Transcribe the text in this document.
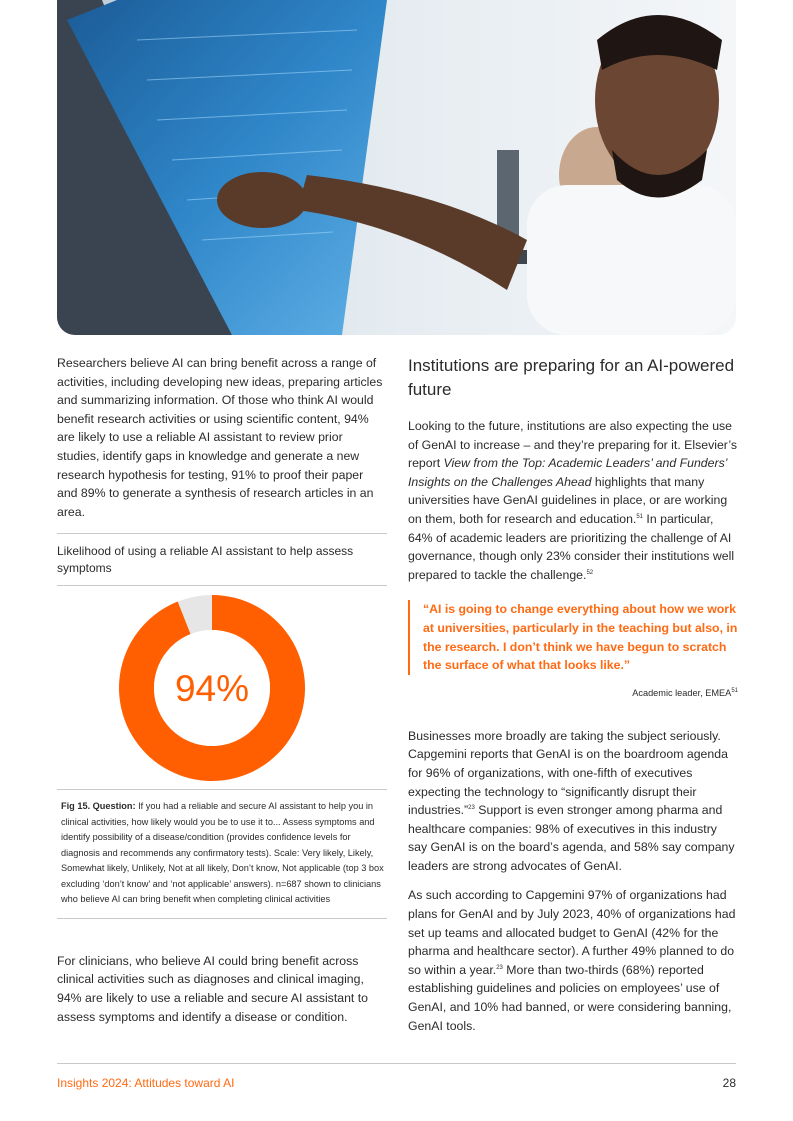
Researchers believe AI can bring benefit across a range of activities, including developing new ideas, preparing articles and summarizing information. Of those who think AI would benefit research activities or using scientific content, 94% are likely to use a reliable AI assistant to review prior studies, identify gaps in knowledge and generate a new research hypothesis for testing, 91% to proof their paper and 89% to generate a synthesis of research articles in an area.

Likelihood of using a reliable AI assistant to help assess symptoms
94%
Fig 15. Question: If you had a reliable and secure AI assistant to help you in clinical activities, how likely would you be to use it to... Assess symptoms and identify possibility of a disease/condition (provides confidence levels for diagnosis and recommends any confirmatory tests). Scale: Very likely, Likely, Somewhat likely, Unlikely, Not at all likely, Don’t know, Not applicable (top 3 box excluding ‘don’t know’ and ‘not applicable’ answers). n=687 shown to clinicians who believe AI can bring benefit when completing clinical activities

For clinicians, who believe AI could bring benefit across clinical activities such as diagnoses and clinical imaging, 94% are likely to use a reliable and secure AI assistant to assess symptoms and identify a disease or condition.

Institutions are preparing for an AI-powered future

Looking to the future, institutions are also expecting the use of GenAI to increase – and they’re preparing for it. Elsevier’s report View from the Top: Academic Leaders’ and Funders’ Insights on the Challenges Ahead highlights that many universities have GenAI guidelines in place, or are working on them, both for research and education.$^{51}$ In particular, 64% of academic leaders are prioritizing the challenge of AI governance, though only 23% consider their institutions well prepared to tackle the challenge.$^{52}$

“AI is going to change everything about how we work at universities, particularly in the teaching but also, in the research. I don’t think we have begun to scratch the surface of what that looks like.”

Academic leader, EMEA$^{51}$

Businesses more broadly are taking the subject seriously. Capgemini reports that GenAI is on the boardroom agenda for 96% of organizations, with one-fifth of executives expecting the technology to “significantly disrupt their industries.”$^{23}$ Support is even stronger among pharma and healthcare companies: 98% of executives in this industry say GenAI is on the board’s agenda, and 58% say company leaders are strong advocates of GenAI.

As such according to Capgemini 97% of organizations had plans for GenAI and by July 2023, 40% of organizations had set up teams and allocated budget to GenAI (42% for the pharma and healthcare sector). A further 49% planned to do so within a year.$^{23}$ More than two-thirds (68%) reported establishing guidelines and policies on employees’ use of GenAI, and 10% had banned, or were considering banning, GenAI tools.

Insights 2024: Attitudes toward AI	28
